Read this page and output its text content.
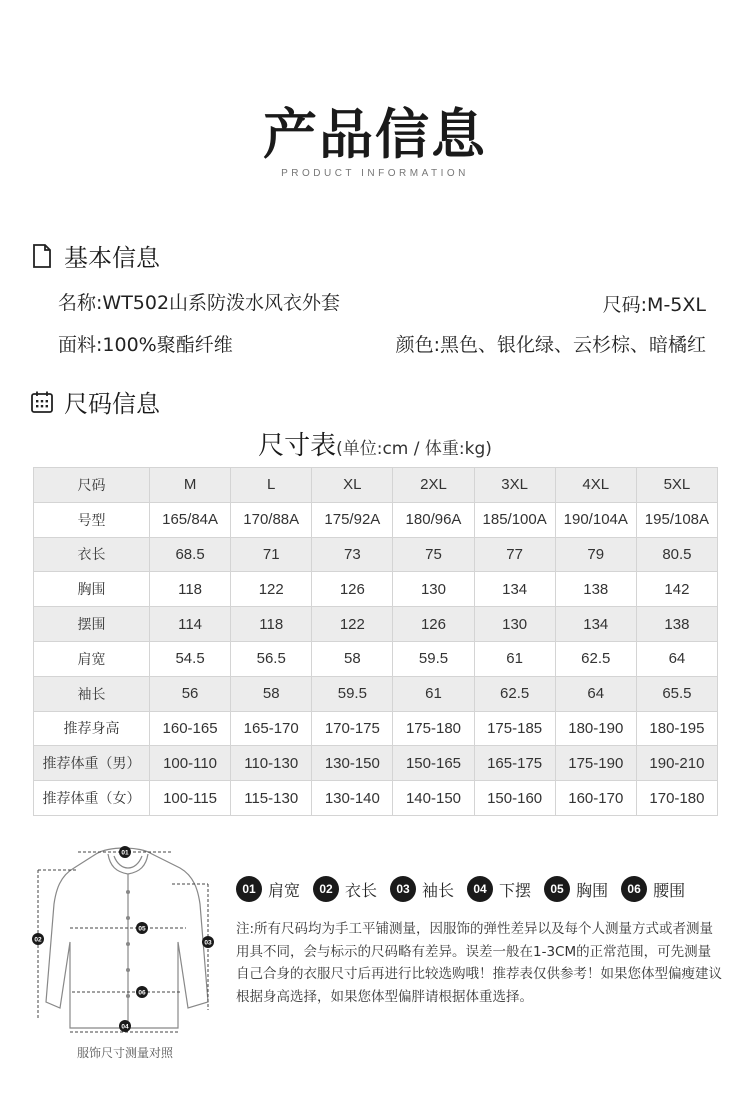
产品信息
PRODUCT INFORMATION
基本信息
名称:WT502山系防泼水风衣外套	尺码:M-5XL
面料:100%聚酯纤维	颜色:黑色、银化绿、云杉棕、暗橘红
尺码信息
尺寸表(单位:cm / 体重:kg)
尺码	M	L	XL	2XL	3XL	4XL	5XL
号型	165/84A	170/88A	175/92A	180/96A	185/100A	190/104A	195/108A
衣长	68.5	71	73	75	77	79	80.5
胸围	118	122	126	130	134	138	142
摆围	114	118	122	126	130	134	138
肩宽	54.5	56.5	58	59.5	61	62.5	64
袖长	56	58	59.5	61	62.5	64	65.5
推荐身高	160-165	165-170	170-175	175-180	175-185	180-190	180-195
推荐体重（男）	100-110	110-130	130-150	150-165	165-175	175-190	190-210
推荐体重（女）	100-115	115-130	130-140	140-150	150-160	160-170	170-180
01
02	03
04
05
06
服饰尺寸测量对照
01 肩宽	02 衣长	03 袖长	04 下摆	05 胸围	06 腰围
注:所有尺码均为手工平铺测量，因服饰的弹性差异以及每个人测量方式或者测量用具不同，会与标示的尺码略有差异。误差一般在1-3CM的正常范围，可先测量自己合身的衣服尺寸后再进行比较选购哦！推荐表仅供参考！如果您体型偏瘦建议根据身高选择，如果您体型偏胖请根据体重选择。
